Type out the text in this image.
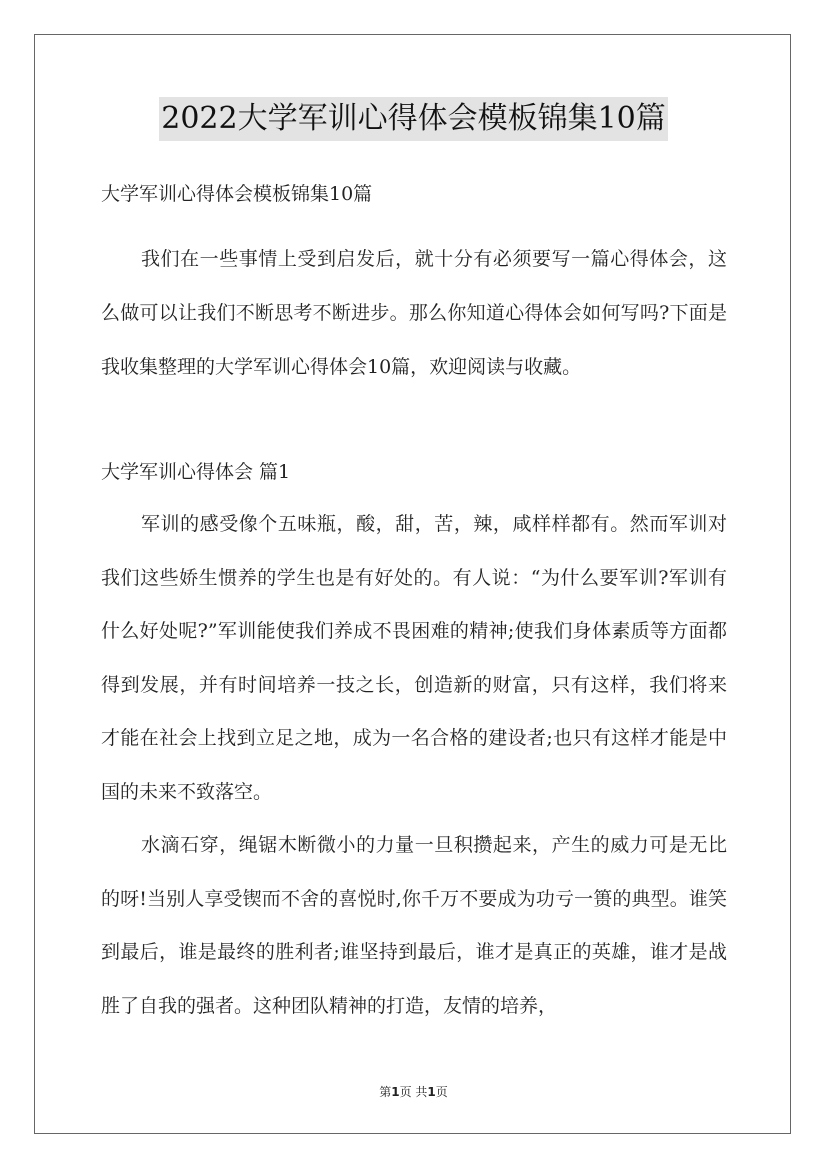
2022大学军训心得体会模板锦集10篇

大学军训心得体会模板锦集10篇

我们在一些事情上受到启发后，就十分有必须要写一篇心得体会，这么做可以让我们不断思考不断进步。那么你知道心得体会如何写吗?下面是我收集整理的大学军训心得体会10篇，欢迎阅读与收藏。

大学军训心得体会 篇1

军训的感受像个五味瓶，酸，甜，苦，辣，咸样样都有。然而军训对我们这些娇生惯养的学生也是有好处的。有人说：“为什么要军训?军训有什么好处呢?”军训能使我们养成不畏困难的精神;使我们身体素质等方面都得到发展，并有时间培养一技之长，创造新的财富，只有这样，我们将来才能在社会上找到立足之地，成为一名合格的建设者;也只有这样才能是中国的未来不致落空。

水滴石穿，绳锯木断微小的力量一旦积攒起来，产生的威力可是无比的呀!当别人享受锲而不舍的喜悦时,你千万不要成为功亏一篑的典型。谁笑到最后，谁是最终的胜利者;谁坚持到最后，谁才是真正的英雄，谁才是战胜了自我的强者。这种团队精神的打造，友情的培养，

第1页 共1页
